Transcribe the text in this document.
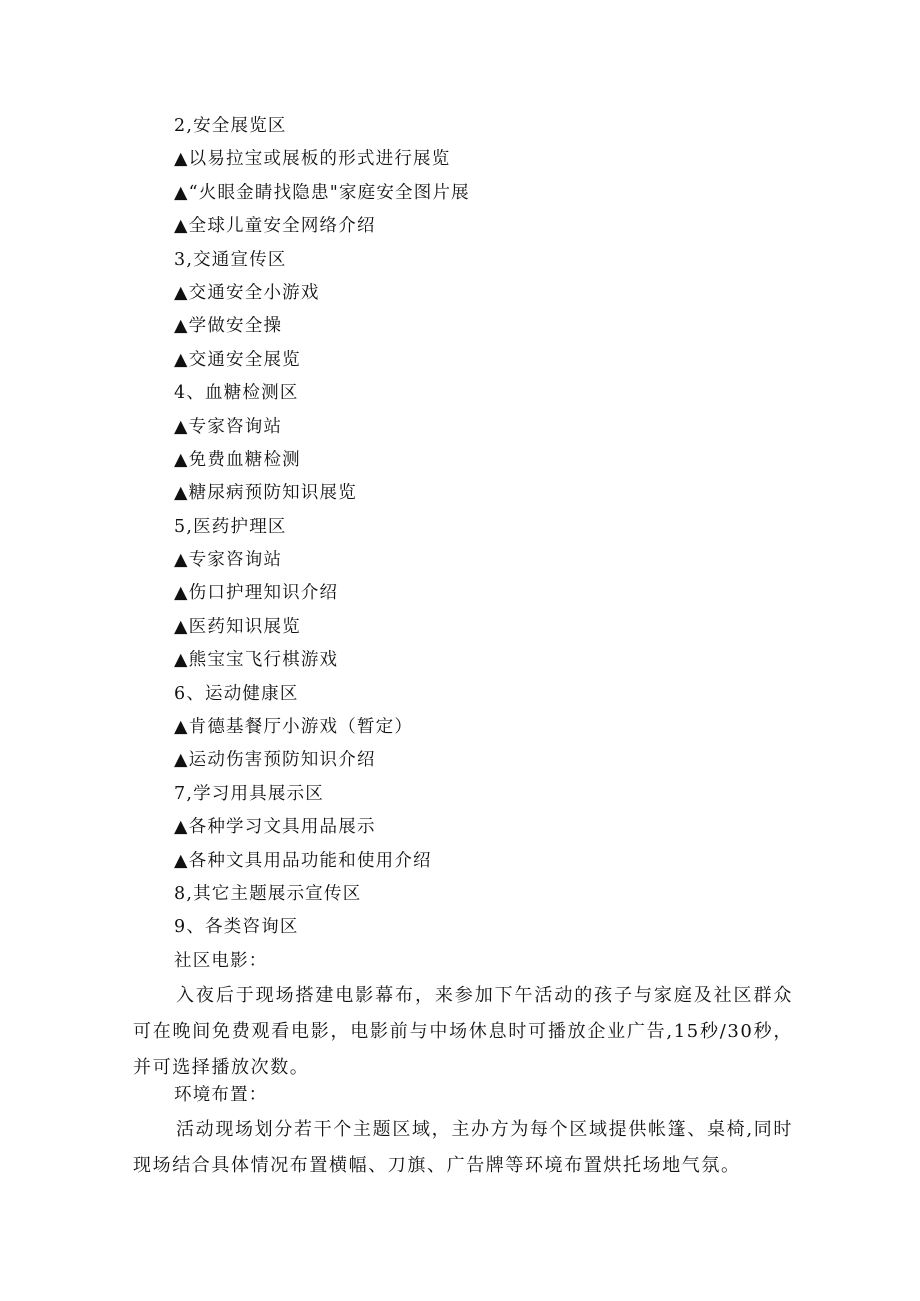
2,安全展览区
▲以易拉宝或展板的形式进行展览
▲“火眼金睛找隐患"家庭安全图片展
▲全球儿童安全网络介绍
3,交通宣传区
▲交通安全小游戏
▲学做安全操
▲交通安全展览
4、血糖检测区
▲专家咨询站
▲免费血糖检测
▲糖尿病预防知识展览
5,医药护理区
▲专家咨询站
▲伤口护理知识介绍
▲医药知识展览
▲熊宝宝飞行棋游戏
6、运动健康区
▲肯德基餐厅小游戏（暂定）
▲运动伤害预防知识介绍
7,学习用具展示区
▲各种学习文具用品展示
▲各种文具用品功能和使用介绍
8,其它主题展示宣传区
9、各类咨询区
社区电影：

入夜后于现场搭建电影幕布，来参加下午活动的孩子与家庭及社区群众可在晚间免费观看电影，电影前与中场休息时可播放企业广告,15秒/30秒，并可选择播放次数。

环境布置：

活动现场划分若干个主题区域，主办方为每个区域提供帐篷、桌椅,同时现场结合具体情况布置横幅、刀旗、广告牌等环境布置烘托场地气氛。
